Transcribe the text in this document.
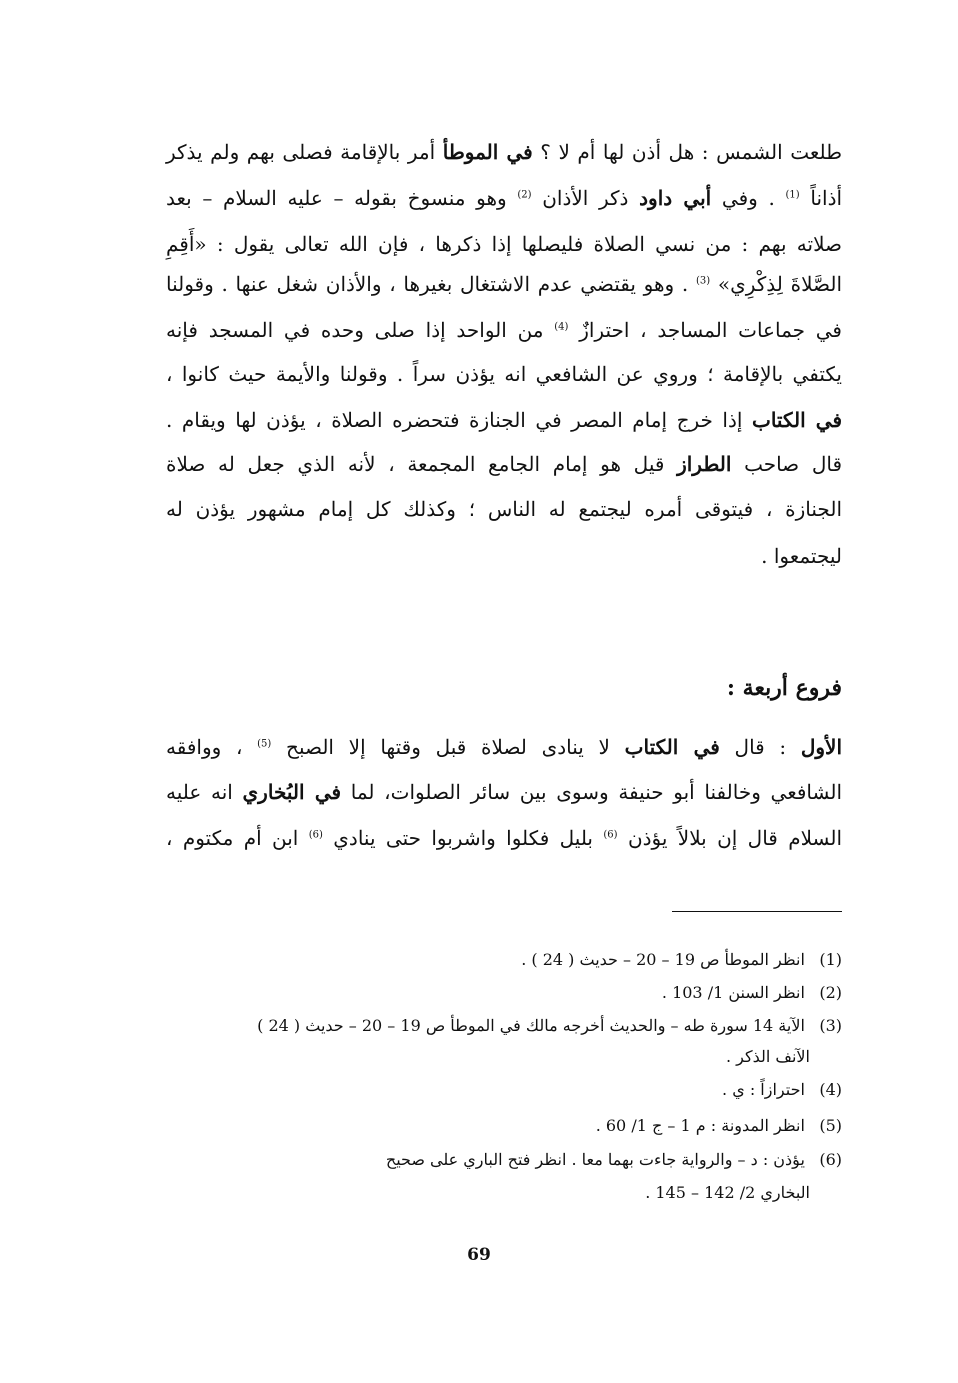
طلعت الشمس : هل أذن لها أم لا ؟ في الموطأ أمر بالإقامة فصلى بهم ولم يذكر
أذاناً $^{(1)}$ . وفي أبي داود ذكر الأذان $^{(2)}$ وهو منسوخ بقوله – عليه السلام – بعد
صلاته بهم : من نسي الصلاة فليصلها إذا ذكرها ، فإن الله تعالى يقول : «أَقِمِ
الصَّلاةَ لِذِكْرِي» $^{(3)}$ . وهو يقتضي عدم الاشتغال بغيرها ، والأذان شغل عنها . وقولنا
في جماعات المساجد ، احترازٌ $^{(4)}$ من الواحد إذا صلى وحده في المسجد فإنه
يكتفي بالإقامة ؛ وروي عن الشافعي انه يؤذن سراً . وقولنا والأيمة حيث كانوا ،
في الكتاب إذا خرج إمام المصر في الجنازة فتحضره الصلاة ، يؤذن لها ويقام .
قال صاحب الطراز قيل هو إمام الجامع المجمعة ، لأنه الذي جعل له صلاة
الجنازة ، فيتوقى أمره ليجتمع له الناس ؛ وكذلك كل إمام مشهور يؤذن له
ليجتمعوا .
فروع أربعة :
الأول : قال في الكتاب لا ينادى لصلاة قبل وقتها إلا الصبح $^{(5)}$ ، ووافقه
الشافعي وخالفنا أبو حنيفة وسوى بين سائر الصلوات، لما في البُخاري انه عليه
السلام قال إن بلالاً يؤذن $^{(6)}$ بليل فكلوا واشربوا حتى ينادي $^{(6)}$ ابن أم مكتوم ،
(1) انظر الموطأ ص 19 – 20 – حديث ( 24 ) .
(2) انظر السنن 1/ 103 .
(3) الآية 14 سورة طه – والحديث أخرجه مالك في الموطأ ص 19 – 20 – حديث ( 24 )
الآنف الذكر .
(4) احترازاً : ي .
(5) انظر المدونة : م 1 – ج 1/ 60 .
(6) يؤذن : د – والرواية جاءت بهما معا . انظر فتح الباري على صحيح
البخاري 2/ 142 – 145 .
69
